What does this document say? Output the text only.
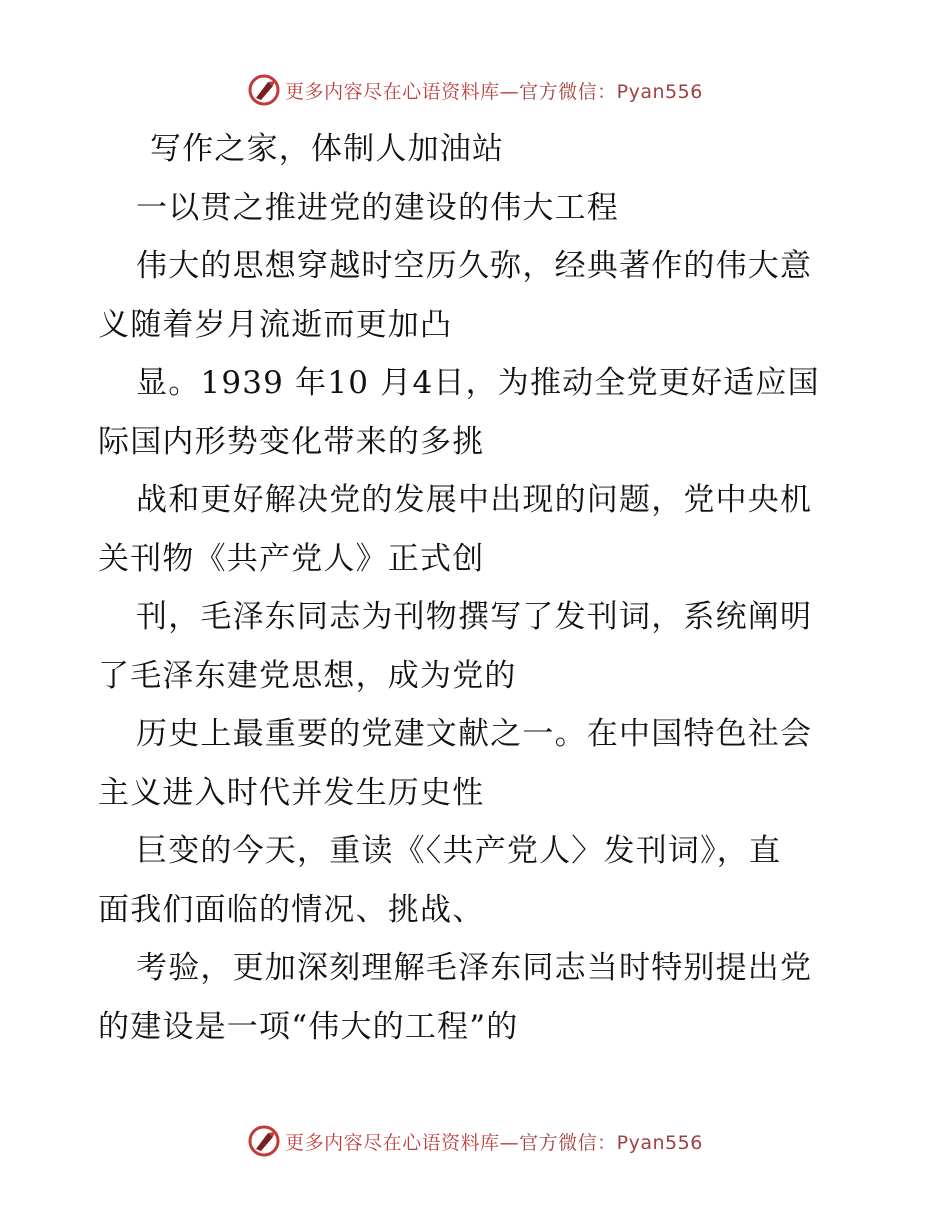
更多内容尽在心语资料库—官方微信：Pyan556
写作之家，体制人加油站
一以贯之推进党的建设的伟大工程
伟大的思想穿越时空历久弥，经典著作的伟大意
义随着岁月流逝而更加凸
显。1939 年10 月4日，为推动全党更好适应国
际国内形势变化带来的多挑
战和更好解决党的发展中出现的问题，党中央机
关刊物《共产党人》正式创
刊，毛泽东同志为刊物撰写了发刊词，系统阐明
了毛泽东建党思想，成为党的
历史上最重要的党建文献之一。在中国特色社会
主义进入时代并发生历史性
巨变的今天，重读《〈共产党人〉发刊词》，直
面我们面临的情况、挑战、
考验，更加深刻理解毛泽东同志当时特别提出党
的建设是一项“伟大的工程”的
更多内容尽在心语资料库—官方微信：Pyan556
